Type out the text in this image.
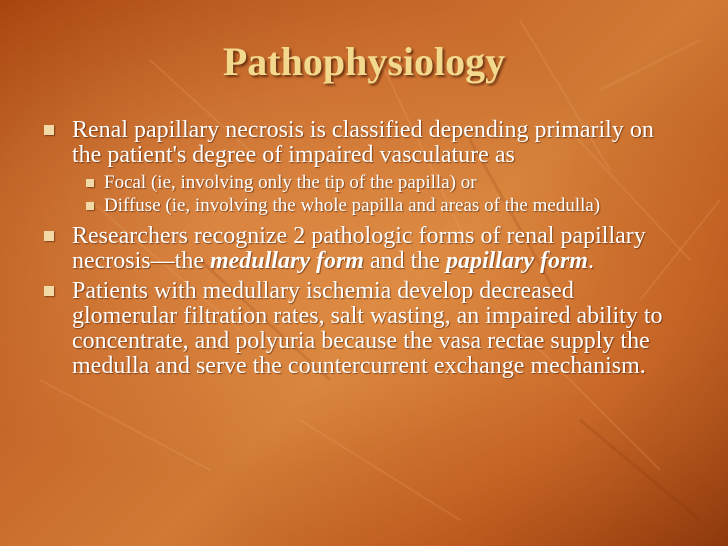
Pathophysiology
Renal papillary necrosis is classified depending primarily on the patient's degree of impaired vasculature as
Focal (ie, involving only the tip of the papilla) or
Diffuse (ie, involving the whole papilla and areas of the medulla)
Researchers recognize 2 pathologic forms of renal papillary necrosis—the medullary form and the papillary form.
Patients with medullary ischemia develop decreased glomerular filtration rates, salt wasting, an impaired ability to concentrate, and polyuria because the vasa rectae supply the medulla and serve the countercurrent exchange mechanism.
